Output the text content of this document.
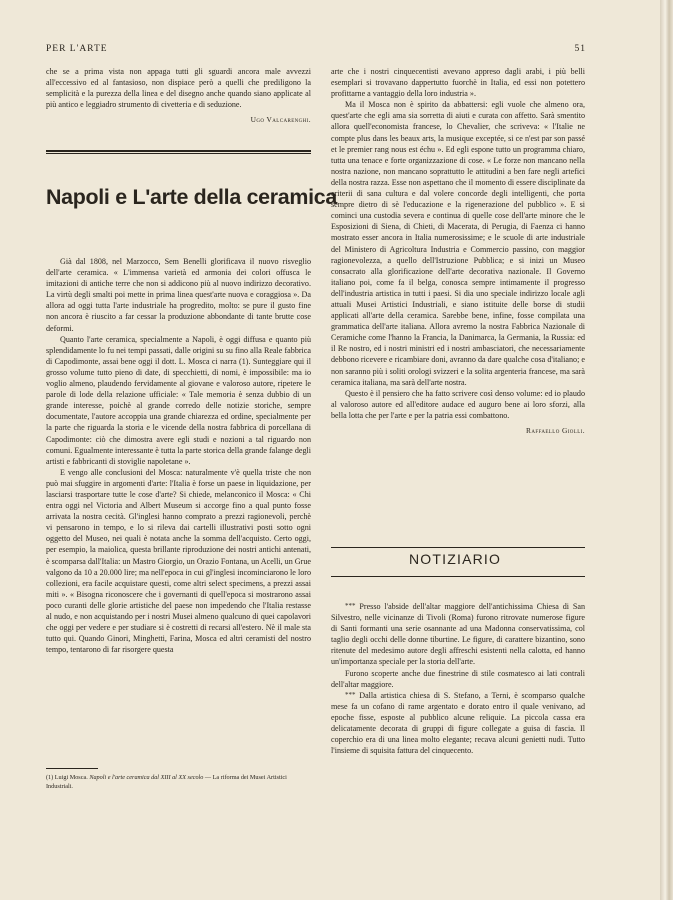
PER L'ARTE	51

che se a prima vista non appaga tutti gli sguardi ancora male avvezzi all'eccessivo ed al fantasioso, non dispiace però a quelli che prediligono la semplicità e la purezza della linea e del disegno anche quando siano applicate al più antico e leggiadro strumento di civetteria e di seduzione.

Ugo Valcarenghi.
Napoli e L'arte della ceramica

Già dal 1808, nel Marzocco, Sem Benelli glorificava il nuovo risveglio dell'arte ceramica. « L'immensa varietà ed armonia dei colori offusca le imitazioni di antiche terre che non si addicono più al nuovo indirizzo decorativo. La virtù degli smalti poi mette in prima linea quest'arte nuova e coraggiosa ». Da allora ad oggi tutta l'arte industriale ha progredito, molto: se pure il gusto fine non ancora è riuscito a far cessar la produzione abbondante di tante brutte cose deformi.

Quanto l'arte ceramica, specialmente a Napoli, è oggi diffusa e quanto più splendidamente lo fu nei tempi passati, dalle origini su su fino alla Reale fabbrica di Capodimonte, assai bene oggi il dott. L. Mosca ci narra (1). Sunteggiare qui il grosso volume tutto pieno di date, di specchietti, di nomi, è impossibile: ma io voglio almeno, plaudendo fervidamente al giovane e valoroso autore, ripetere le parole di lode della relazione ufficiale: « Tale memoria è senza dubbio di un grande interesse, poichè al grande corredo delle notizie storiche, sempre documentate, l'autore accoppia una grande chiarezza ed ordine, specialmente per la parte che riguarda la storia e le vicende della nostra fabbrica di porcellana di Capodimonte: ciò che dimostra avere egli studi e nozioni a tal riguardo non comuni. Egualmente interessante è tutta la parte storica della grande falange degli artisti e fabbricanti di stoviglie napoletane ».

E vengo alle conclusioni del Mosca: naturalmente v'è quella triste che non può mai sfuggire in argomenti d'arte: l'Italia è forse un paese in liquidazione, per lasciarsi trasportare tutte le cose d'arte? Si chiede, melanconico il Mosca: « Chi entra oggi nel Victoria and Albert Museum si accorge fino a qual punto fosse arrivata la nostra cecità. Gl'inglesi hanno comprato a prezzi ragionevoli, perchè vi pensarono in tempo, e lo si rileva dai cartelli illustrativi posti sotto ogni oggetto del Museo, nei quali è notata anche la somma dell'acquisto. Certo oggi, per esempio, la maiolica, questa brillante riproduzione dei nostri antichi antenati, è scomparsa dall'Italia: un Mastro Giorgio, un Orazio Fontana, un Acelli, un Grue valgono da 10 a 20.000 lire; ma nell'epoca in cui gl'inglesi incominciarono le loro collezioni, era facile acquistare questi, come altri select specimens, a prezzi assai miti ». « Bisogna riconoscere che i governanti di quell'epoca si mostrarono assai poco curanti delle glorie artistiche del paese non impedendo che l'Italia restasse al nudo, e non acquistando per i nostri Musei almeno qualcuno di quei capolavori che oggi per vedere e per studiare si è costretti di recarsi all'estero. Nè il male sta tutto qui. Quando Ginori, Minghetti, Farina, Mosca ed altri ceramisti del nostro tempo, tentarono di far risorgere questa

(1) Luigi Mosca. Napoli e l'arte ceramica dal XIII al XX secolo — La riforma dei Musei Artistici Industriali.

arte che i nostri cinquecentisti avevano appreso dagli arabi, i più belli esemplari si trovavano dappertutto fuorchè in Italia, ed essi non potettero profittarne a vantaggio della loro industria ».

Ma il Mosca non è spirito da abbattersi: egli vuole che almeno ora, quest'arte che egli ama sia sorretta di aiuti e curata con affetto. Sarà smentito allora quell'economista francese, lo Chevalier, che scriveva: « l'Italie ne compte plus dans les beaux arts, la musique exceptée, si ce n'est par son passé et le premier rang nous est échu ». Ed egli espone tutto un programma chiaro, tutta una tenace e forte organizzazione di cose. « Le forze non mancano nella nostra nazione, non mancano soprattutto le attitudini a ben fare negli artefici della nostra razza. Esse non aspettano che il momento di essere disciplinate da criterii di sana cultura e dal volere concorde degli intelligenti, che porta sempre dietro di sè l'educazione e la rigenerazione del pubblico ». E si cominci una custodia severa e continua di quelle cose dell'arte minore che le Esposizioni di Siena, di Chieti, di Macerata, di Perugia, di Faenza ci hanno mostrato esser ancora in Italia numerosissime; e le scuole di arte industriale del Ministero di Agricoltura Industria e Commercio passino, con maggior ragionevolezza, a quello dell'Istruzione Pubblica; e si inizi un Museo consacrato alla glorificazione dell'arte decorativa nazionale. Il Governo italiano poi, come fa il belga, conosca sempre intimamente il progresso dell'industria artistica in tutti i paesi. Si dia uno speciale indirizzo locale agli attuali Musei Artistici Industriali, e siano istituite delle borse di studii applicati all'arte della ceramica. Sarebbe bene, infine, fosse compilata una grammatica dell'arte italiana. Allora avremo la nostra Fabbrica Nazionale di Ceramiche come l'hanno la Francia, la Danimarca, la Germania, la Russia: ed il Re nostro, ed i nostri ministri ed i nostri ambasciatori, che necessariamente debbono ricevere e ricambiare doni, avranno da dare qualche cosa d'italiano; e non saranno più i soliti orologi svizzeri e la solita argenteria francese, ma sarà ceramica italiana, ma sarà dell'arte nostra.

Questo è il pensiero che ha fatto scrivere così denso volume: ed io plaudo al valoroso autore ed all'editore audace ed auguro bene ai loro sforzi, alla bella lotta che per l'arte e per la patria essi combattono.

Raffaello Giolli.
NOTIZIARIO

*** Presso l'abside dell'altar maggiore dell'antichissima Chiesa di San Silvestro, nelle vicinanze di Tivoli (Roma) furono ritrovate numerose figure di Santi formanti una serie osannante ad una Madonna conservatissima, col taglio degli occhi delle donne tiburtine. Le figure, di carattere bizantino, sono ritenute del medesimo autore degli affreschi esistenti nella calotta, ed hanno un'importanza speciale per la storia dell'arte.

Furono scoperte anche due finestrine di stile cosmatesco ai lati contrali dell'altar maggiore.

*** Dalla artistica chiesa di S. Stefano, a Terni, è scomparso qualche mese fa un cofano di rame argentato e dorato entro il quale venivano, ad epoche fisse, esposte al pubblico alcune reliquie. La piccola cassa era delicatamente decorata di gruppi di figure collegate a guisa di fascia. Il coperchio era di una linea molto elegante; recava alcuni genietti nudi. Tutto l'insieme di squisita fattura del cinquecento.
